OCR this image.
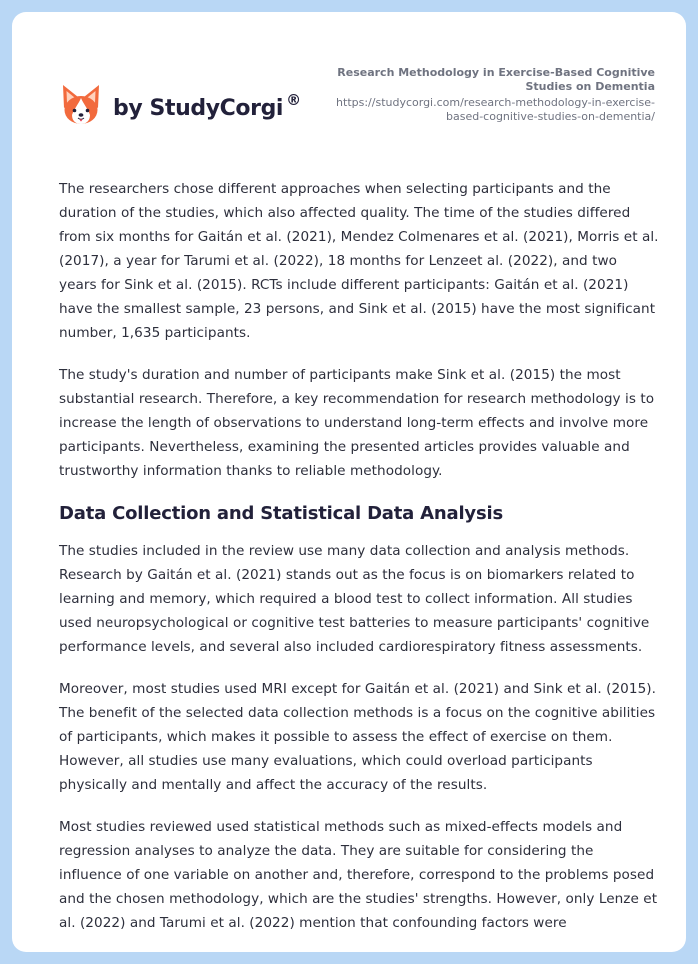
by StudyCorgi ®
Research Methodology in Exercise-Based Cognitive Studies on Dementia
https://studycorgi.com/research-methodology-in-exercise-based-cognitive-studies-on-dementia/

The researchers chose different approaches when selecting participants and the duration of the studies, which also affected quality. The time of the studies differed from six months for Gaitán et al. (2021), Mendez Colmenares et al. (2021), Morris et al. (2017), a year for Tarumi et al. (2022), 18 months for Lenzeet al. (2022), and two years for Sink et al. (2015). RCTs include different participants: Gaitán et al. (2021) have the smallest sample, 23 persons, and Sink et al. (2015) have the most significant number, 1,635 participants.

The study's duration and number of participants make Sink et al. (2015) the most substantial research. Therefore, a key recommendation for research methodology is to increase the length of observations to understand long-term effects and involve more participants. Nevertheless, examining the presented articles provides valuable and trustworthy information thanks to reliable methodology.

Data Collection and Statistical Data Analysis

The studies included in the review use many data collection and analysis methods. Research by Gaitán et al. (2021) stands out as the focus is on biomarkers related to learning and memory, which required a blood test to collect information. All studies used neuropsychological or cognitive test batteries to measure participants' cognitive performance levels, and several also included cardiorespiratory fitness assessments.

Moreover, most studies used MRI except for Gaitán et al. (2021) and Sink et al. (2015). The benefit of the selected data collection methods is a focus on the cognitive abilities of participants, which makes it possible to assess the effect of exercise on them. However, all studies use many evaluations, which could overload participants physically and mentally and affect the accuracy of the results.

Most studies reviewed used statistical methods such as mixed-effects models and regression analyses to analyze the data. They are suitable for considering the influence of one variable on another and, therefore, correspond to the problems posed and the chosen methodology, which are the studies' strengths. However, only Lenze et al. (2022) and Tarumi et al. (2022) mention that confounding factors were
